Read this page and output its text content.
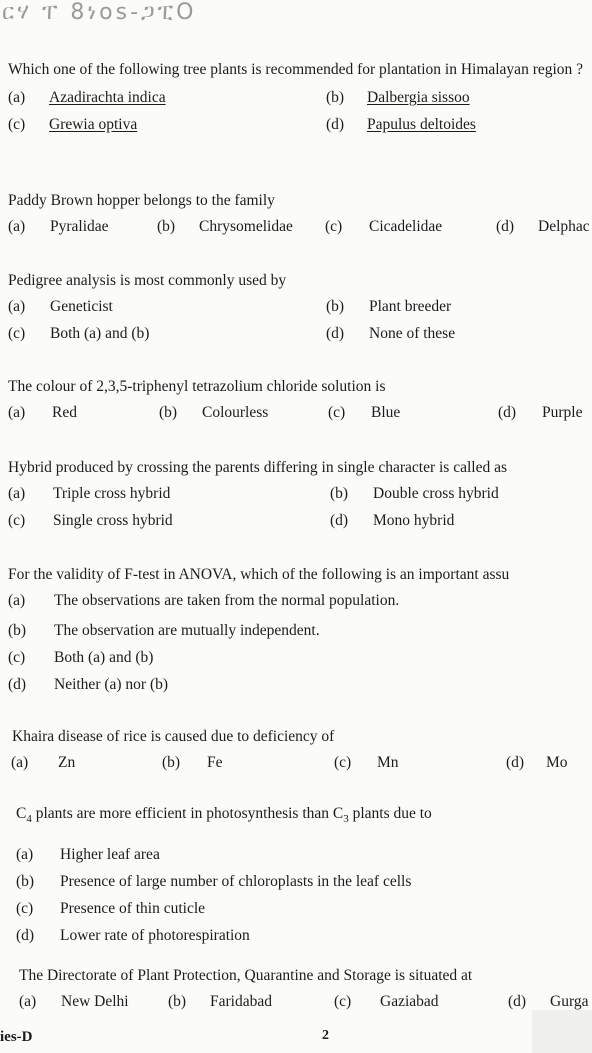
ርሃ ፐ 8ነos-ጋፒO
Which one of the following tree plants is recommended for plantation in Himalayan region ?
(a) Azadirachta indica	(b) Dalbergia sissoo
(c) Grewia optiva	(d) Papulus deltoides
Paddy Brown hopper belongs to the family
(a) Pyralidae	(b) Chrysomelidae (c) Cicadelidae	(d) Delphac
Pedigree analysis is most commonly used by
(a) Geneticist	(b) Plant breeder
(c) Both (a) and (b)	(d) None of these
The colour of 2,3,5-triphenyl tetrazolium chloride solution is
(a) Red	(b) Colourless	(c) Blue	(d) Purple
Hybrid produced by crossing the parents differing in single character is called as
(a) Triple cross hybrid	(b) Double cross hybrid
(c) Single cross hybrid	(d) Mono hybrid
For the validity of F-test in ANOVA, which of the following is an important assu
(a) The observations are taken from the normal population.
(b) The observation are mutually independent.
(c) Both (a) and (b)
(d) Neither (a) nor (b)
Khaira disease of rice is caused due to deficiency of
(a) Zn	(b) Fe	(c) Mn	(d) Mo
$C_4$ plants are more efficient in photosynthesis than $C_3$ plants due to
(a) Higher leaf area
(b) Presence of large number of chloroplasts in the leaf cells
(c) Presence of thin cuticle
(d) Lower rate of photorespiration
The Directorate of Plant Protection, Quarantine and Storage is situated at
(a) New Delhi	(b) Faridabad	(c) Gaziabad	(d) Gurga
ies-D	2
